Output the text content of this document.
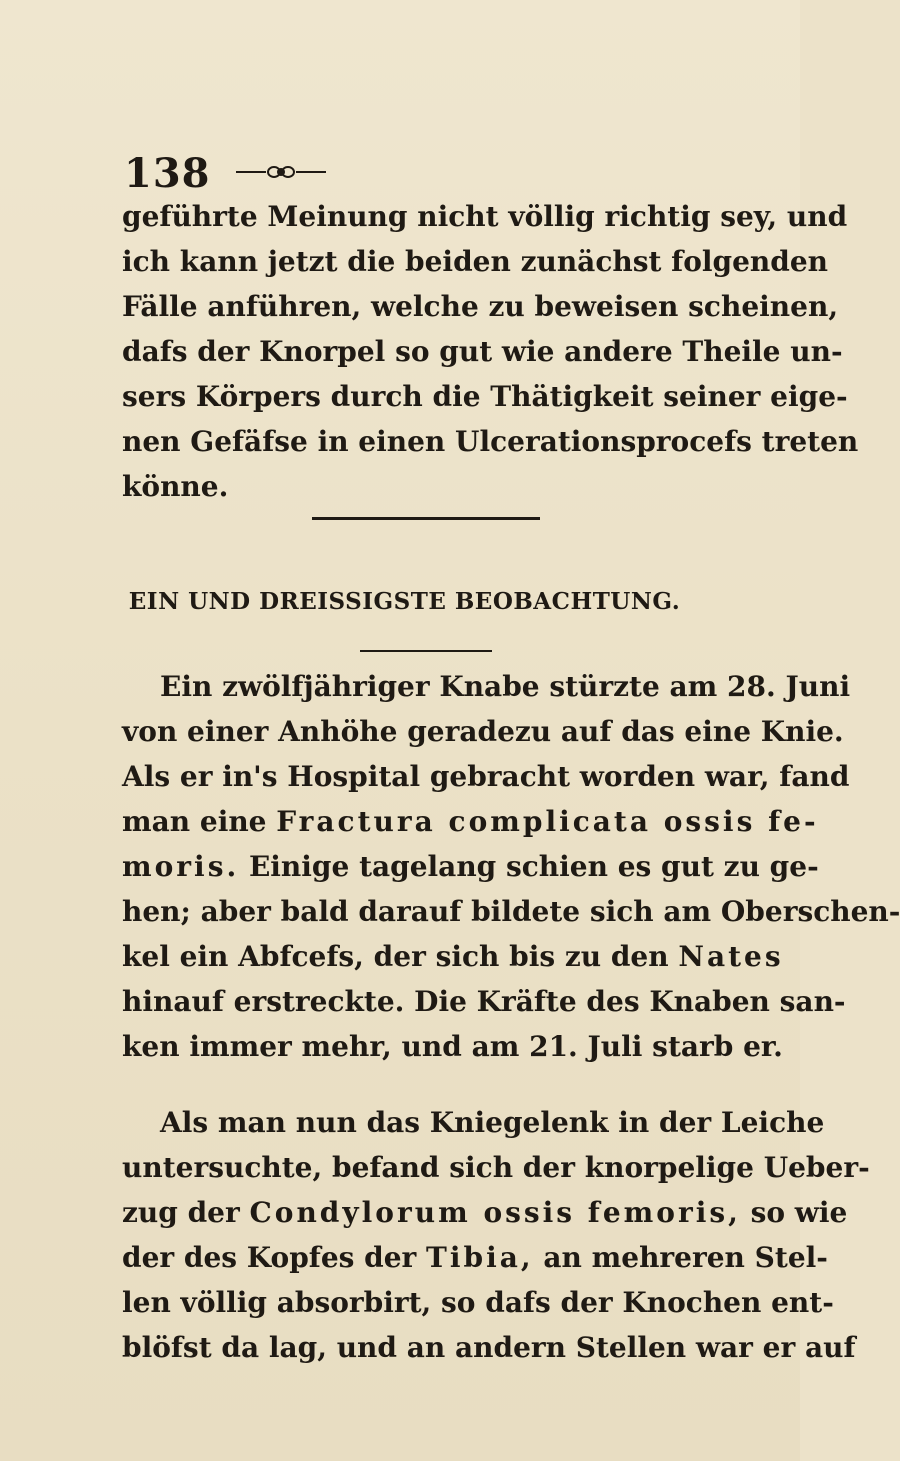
138
geführte Meinung nicht völlig richtig sey, und
ich kann jetzt die beiden zunächst folgenden
Fälle anführen, welche zu beweisen scheinen,
dafs der Knorpel so gut wie andere Theile un-
sers Körpers durch die Thätigkeit seiner eige-
nen Gefäfse in einen Ulcerationsprocefs treten
könne.
EIN UND DREISSIGSTE BEOBACHTUNG.
Ein zwölfjähriger Knabe stürzte am 28. Juni
von einer Anhöhe geradezu auf das eine Knie.
Als er in's Hospital gebracht worden war, fand
man eine Fractura complicata ossis fe-
moris. Einige tagelang schien es gut zu ge-
hen; aber bald darauf bildete sich am Oberschen-
kel ein Abfcefs, der sich bis zu den Nates
hinauf erstreckte. Die Kräfte des Knaben san-
ken immer mehr, und am 21. Juli starb er.
Als man nun das Kniegelenk in der Leiche
untersuchte, befand sich der knorpelige Ueber-
zug der Condylorum ossis femoris, so wie
der des Kopfes der Tibia, an mehreren Stel-
len völlig absorbirt, so dafs der Knochen ent-
blöfst da lag, und an andern Stellen war er auf
